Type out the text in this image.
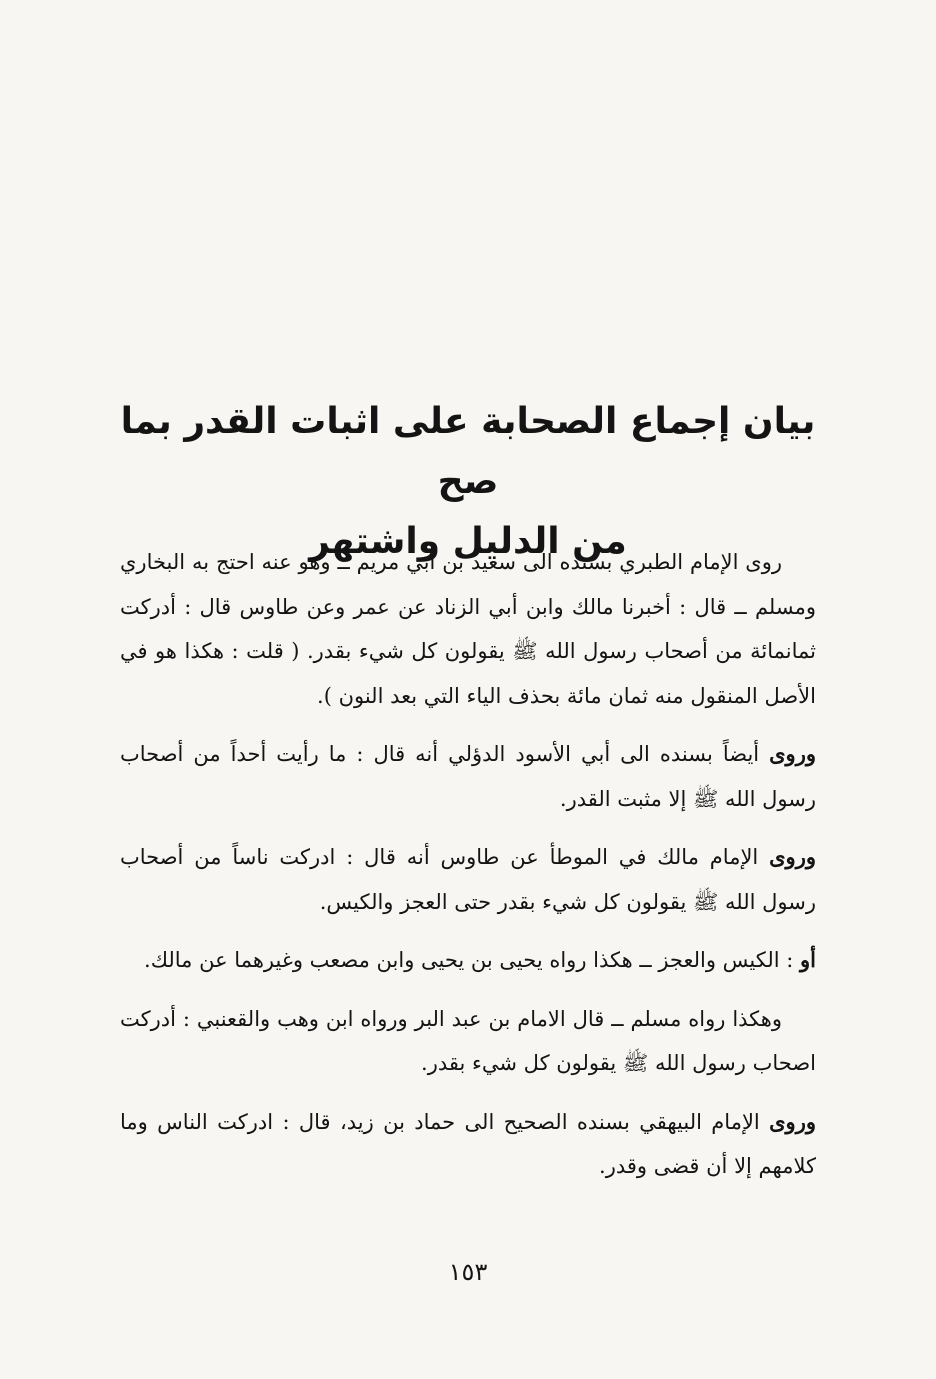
بيان إجماع الصحابة على اثبات القدر بما صح
من الدليل واشتهر

روى الإمام الطبري بسنده الى سعيد بن ابي مريم ــ وهو عنه احتج به البخاري ومسلم ــ قال : أخبرنا مالك وابن أبي الزناد عن عمر وعن طاوس قال : أدركت ثمانمائة من أصحاب رسول الله ﷺ يقولون كل شيء بقدر. ( قلت : هكذا هو في الأصل المنقول منه ثمان مائة بحذف الياء التي بعد النون ).

وروى أيضاً بسنده الى أبي الأسود الدؤلي أنه قال : ما رأيت أحداً من أصحاب رسول الله ﷺ إلا مثبت القدر.

وروى الإمام مالك في الموطأ عن طاوس أنه قال : ادركت ناساً من أصحاب رسول الله ﷺ يقولون كل شيء بقدر حتى العجز والكيس.

أو : الكيس والعجز ــ هكذا رواه يحيى بن يحيى وابن مصعب وغيرهما عن مالك.

وهكذا رواه مسلم ــ قال الامام بن عبد البر ورواه ابن وهب والقعنبي : أدركت اصحاب رسول الله ﷺ يقولون كل شيء بقدر.

وروى الإمام البيهقي بسنده الصحيح الى حماد بن زيد، قال : ادركت الناس وما كلامهم إلا أن قضى وقدر.

١٥٣
